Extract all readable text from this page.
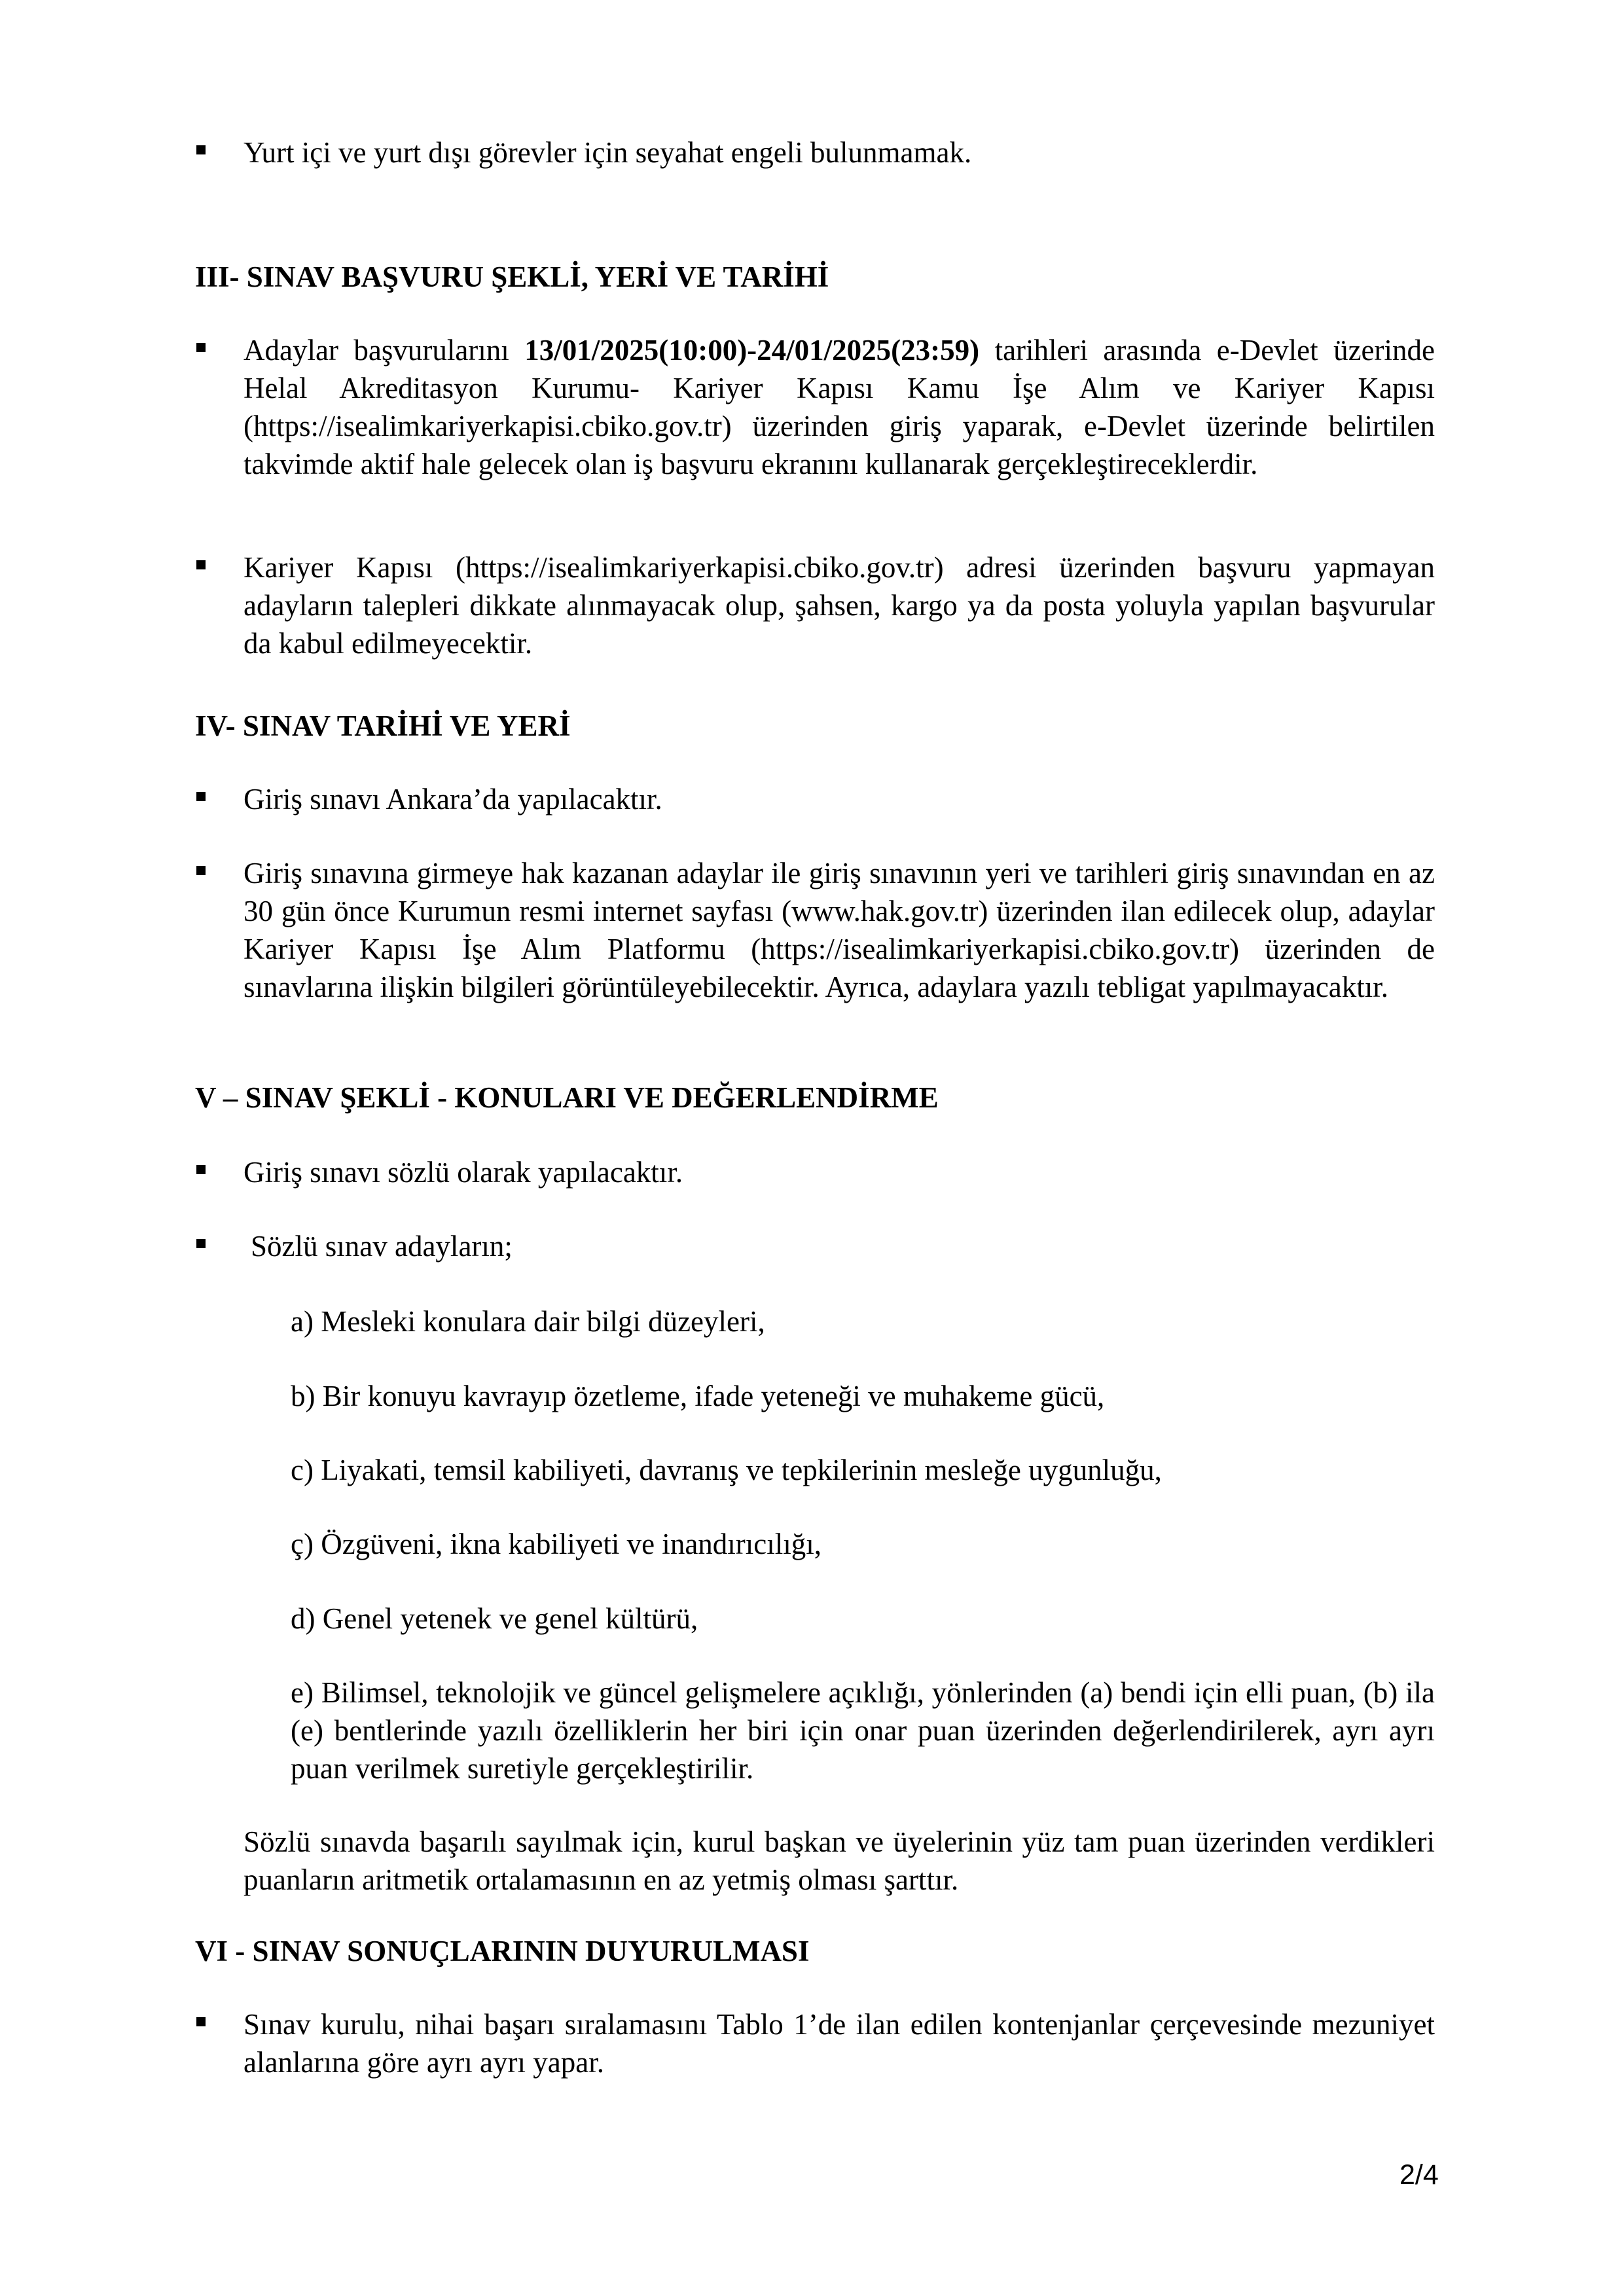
Yurt içi ve yurt dışı görevler için seyahat engeli bulunmamak.
III- SINAV BAŞVURU ŞEKLİ, YERİ VE TARİHİ
Adaylar başvurularını 13/01/2025(10:00)-24/01/2025(23:59) tarihleri arasında e-Devlet üzerinde Helal Akreditasyon Kurumu- Kariyer Kapısı Kamu İşe Alım ve Kariyer Kapısı (https://isealimkariyerkapisi.cbiko.gov.tr) üzerinden giriş yaparak, e-Devlet üzerinde belirtilen takvimde aktif hale gelecek olan iş başvuru ekranını kullanarak gerçekleştireceklerdir.
Kariyer Kapısı (https://isealimkariyerkapisi.cbiko.gov.tr) adresi üzerinden başvuru yapmayan adayların talepleri dikkate alınmayacak olup, şahsen, kargo ya da posta yoluyla yapılan başvurular da kabul edilmeyecektir.
IV- SINAV TARİHİ VE YERİ
Giriş sınavı Ankara’da yapılacaktır.
Giriş sınavına girmeye hak kazanan adaylar ile giriş sınavının yeri ve tarihleri giriş sınavından en az 30 gün önce Kurumun resmi internet sayfası (www.hak.gov.tr) üzerinden ilan edilecek olup, adaylar Kariyer Kapısı İşe Alım Platformu (https://isealimkariyerkapisi.cbiko.gov.tr) üzerinden de sınavlarına ilişkin bilgileri görüntüleyebilecektir. Ayrıca, adaylara yazılı tebligat yapılmayacaktır.
V – SINAV ŞEKLİ - KONULARI VE DEĞERLENDİRME
Giriş sınavı sözlü olarak yapılacaktır.
Sözlü sınav adayların;
a) Mesleki konulara dair bilgi düzeyleri,
b) Bir konuyu kavrayıp özetleme, ifade yeteneği ve muhakeme gücü,
c) Liyakati, temsil kabiliyeti, davranış ve tepkilerinin mesleğe uygunluğu,
ç) Özgüveni, ikna kabiliyeti ve inandırıcılığı,
d) Genel yetenek ve genel kültürü,
e) Bilimsel, teknolojik ve güncel gelişmelere açıklığı, yönlerinden (a) bendi için elli puan, (b) ila (e) bentlerinde yazılı özelliklerin her biri için onar puan üzerinden değerlendirilerek, ayrı ayrı puan verilmek suretiyle gerçekleştirilir.
Sözlü sınavda başarılı sayılmak için, kurul başkan ve üyelerinin yüz tam puan üzerinden verdikleri puanların aritmetik ortalamasının en az yetmiş olması şarttır.
VI - SINAV SONUÇLARININ DUYURULMASI
Sınav kurulu, nihai başarı sıralamasını Tablo 1’de ilan edilen kontenjanlar çerçevesinde mezuniyet alanlarına göre ayrı ayrı yapar.
2/4
